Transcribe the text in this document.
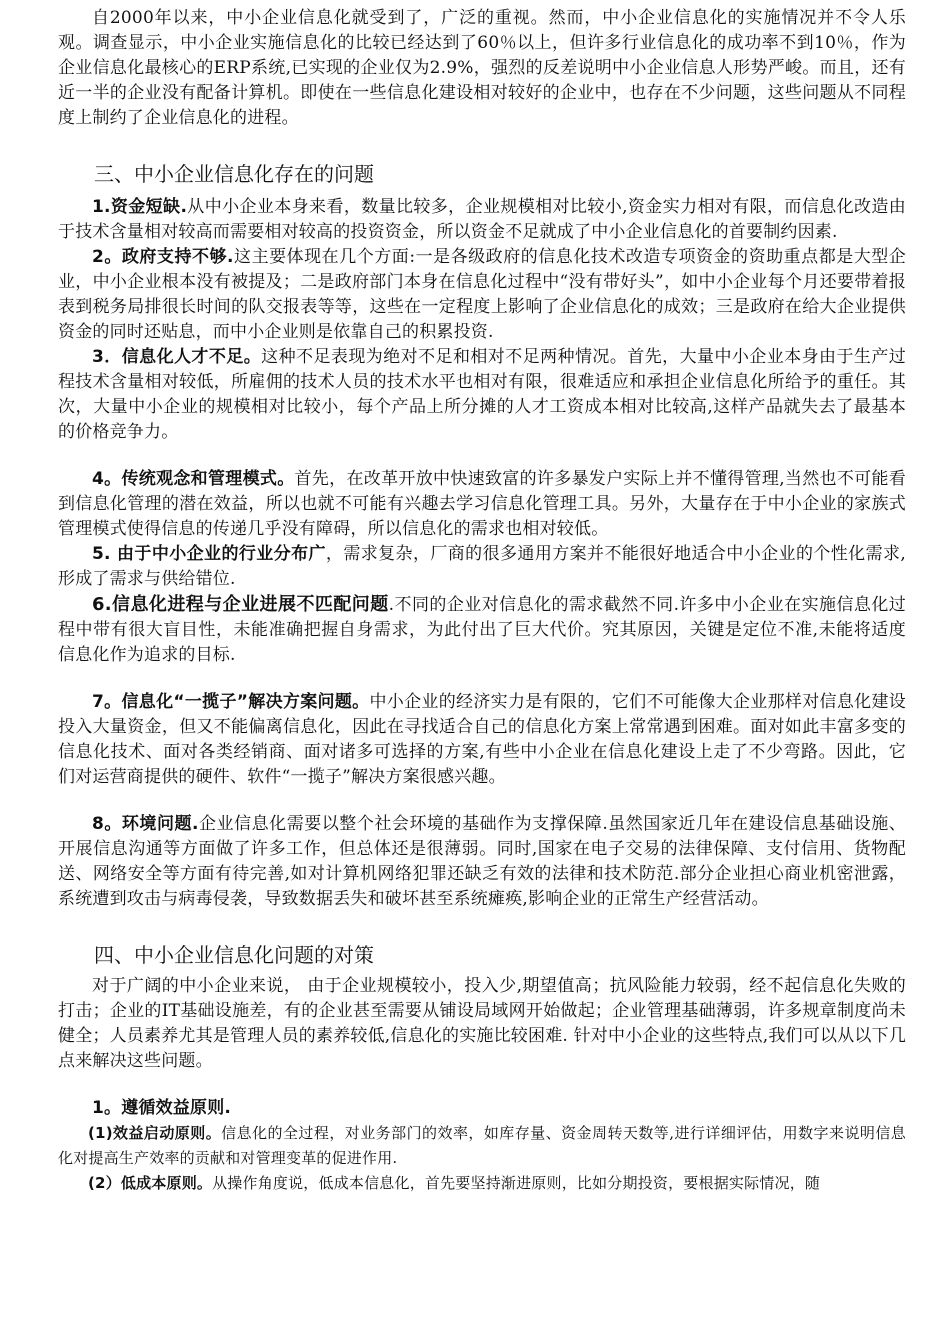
自2000年以来，中小企业信息化就受到了，广泛的重视。然而，中小企业信息化的实施情况并不令人乐观。调查显示，中小企业实施信息化的比较已经达到了60％以上，但许多行业信息化的成功率不到10％，作为企业信息化最核心的ERP系统,已实现的企业仅为2.9%，强烈的反差说明中小企业信息人形势严峻。而且，还有近一半的企业没有配备计算机。即使在一些信息化建设相对较好的企业中，也存在不少问题，这些问题从不同程度上制约了企业信息化的进程。

三、中小企业信息化存在的问题

1.资金短缺.从中小企业本身来看，数量比较多，企业规模相对比较小,资金实力相对有限，而信息化改造由于技术含量相对较高而需要相对较高的投资资金，所以资金不足就成了中小企业信息化的首要制约因素.

2。政府支持不够.这主要体现在几个方面:一是各级政府的信息化技术改造专项资金的资助重点都是大型企业，中小企业根本没有被提及；二是政府部门本身在信息化过程中“没有带好头”，如中小企业每个月还要带着报表到税务局排很长时间的队交报表等等，这些在一定程度上影响了企业信息化的成效；三是政府在给大企业提供资金的同时还贴息，而中小企业则是依靠自己的积累投资.

3．信息化人才不足。这种不足表现为绝对不足和相对不足两种情况。首先，大量中小企业本身由于生产过程技术含量相对较低，所雇佣的技术人员的技术水平也相对有限，很难适应和承担企业信息化所给予的重任。其次，大量中小企业的规模相对比较小，每个产品上所分摊的人才工资成本相对比较高,这样产品就失去了最基本的价格竞争力。

4。传统观念和管理模式。首先，在改革开放中快速致富的许多暴发户实际上并不懂得管理,当然也不可能看到信息化管理的潜在效益，所以也就不可能有兴趣去学习信息化管理工具。另外，大量存在于中小企业的家族式管理模式使得信息的传递几乎没有障碍，所以信息化的需求也相对较低。

5. 由于中小企业的行业分布广，需求复杂，厂商的很多通用方案并不能很好地适合中小企业的个性化需求,形成了需求与供给错位.

6.信息化进程与企业进展不匹配问题.不同的企业对信息化的需求截然不同.许多中小企业在实施信息化过程中带有很大盲目性，未能准确把握自身需求，为此付出了巨大代价。究其原因，关键是定位不准,未能将适度信息化作为追求的目标.

7。信息化“一揽子”解决方案问题。中小企业的经济实力是有限的，它们不可能像大企业那样对信息化建设投入大量资金，但又不能偏离信息化，因此在寻找适合自己的信息化方案上常常遇到困难。面对如此丰富多变的信息化技术、面对各类经销商、面对诸多可选择的方案,有些中小企业在信息化建设上走了不少弯路。因此，它们对运营商提供的硬件、软件“一揽子”解决方案很感兴趣。

8。环境问题.企业信息化需要以整个社会环境的基础作为支撑保障.虽然国家近几年在建设信息基础设施、开展信息沟通等方面做了许多工作，但总体还是很薄弱。同时,国家在电子交易的法律保障、支付信用、货物配送、网络安全等方面有待完善,如对计算机网络犯罪还缺乏有效的法律和技术防范.部分企业担心商业机密泄露，系统遭到攻击与病毒侵袭，导致数据丢失和破坏甚至系统瘫痪,影响企业的正常生产经营活动。

四、中小企业信息化问题的对策

对于广阔的中小企业来说， 由于企业规模较小，投入少,期望值高；抗风险能力较弱，经不起信息化失败的打击；企业的IT基础设施差，有的企业甚至需要从铺设局域网开始做起；企业管理基础薄弱，许多规章制度尚未健全；人员素养尤其是管理人员的素养较低,信息化的实施比较困难. 针对中小企业的这些特点,我们可以从以下几点来解决这些问题。

1。遵循效益原则.

(1)效益启动原则。信息化的全过程，对业务部门的效率，如库存量、资金周转天数等,进行详细评估，用数字来说明信息化对提高生产效率的贡献和对管理变革的促进作用.

(2）低成本原则。从操作角度说，低成本信息化，首先要坚持渐进原则，比如分期投资，要根据实际情况，随
